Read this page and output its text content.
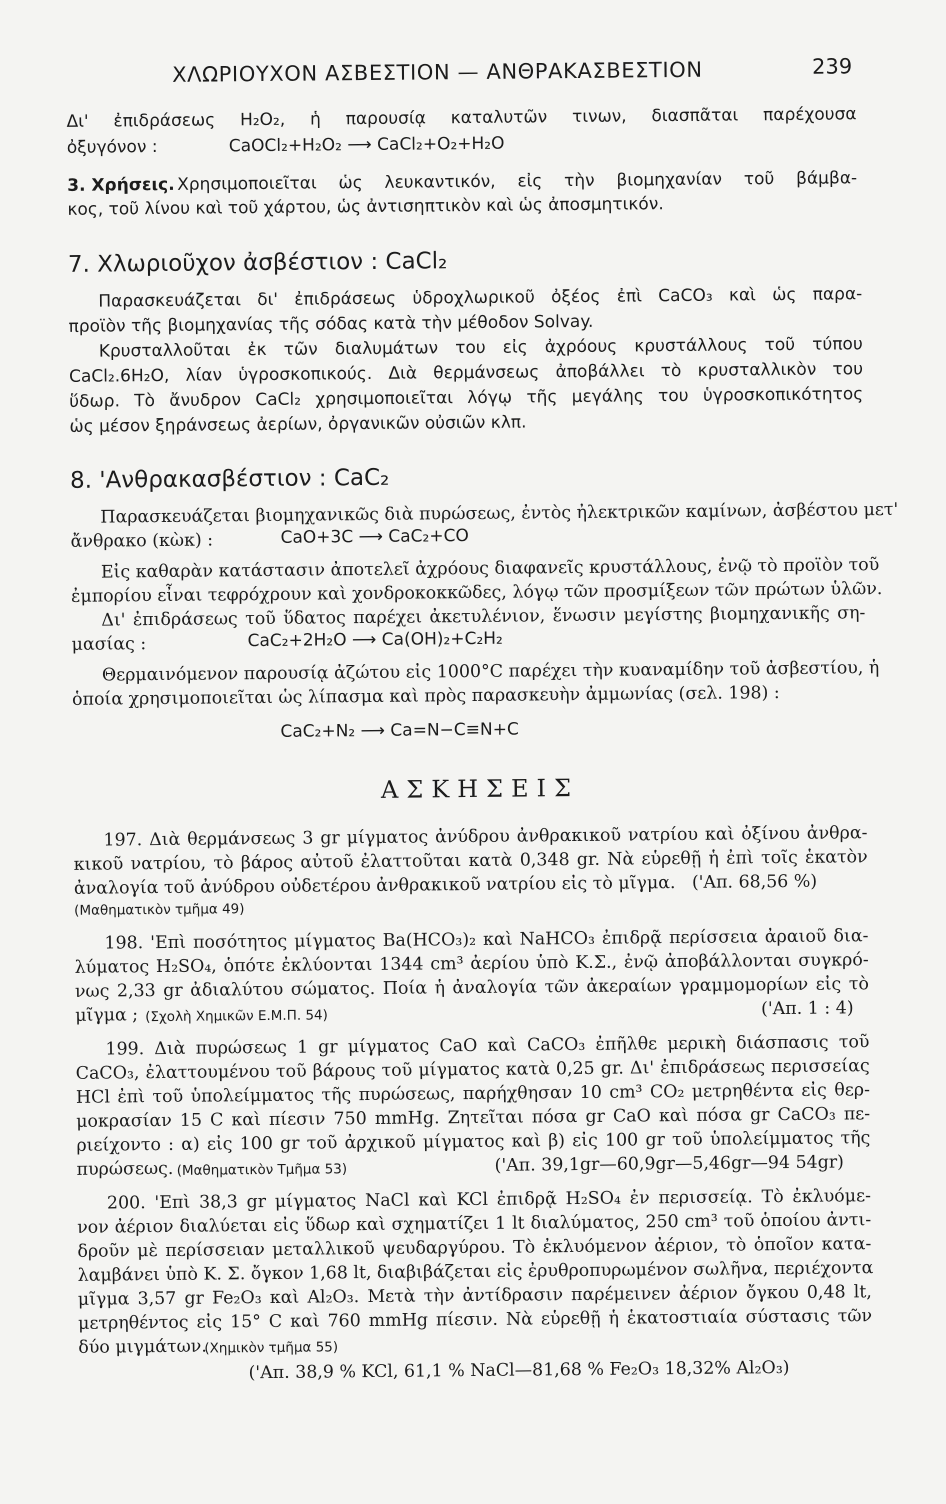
ΧΛΩΡΙΟΥΧΟΝ ΑΣΒΕΣΤΙΟΝ — ΑΝΘΡΑΚΑΣΒΕΣΤΙΟΝ	239
Δι' ἐπιδράσεως H₂O₂, ἡ παρουσίᾳ καταλυτῶν τινων, διασπᾶται παρέχουσα
ὀξυγόνον :	CaOCl₂+H₂O₂ ⟶ CaCl₂+O₂+H₂O
3. Χρήσεις. Χρησιμοποιεῖται ὡς λευκαντικόν, εἰς τὴν βιομηχανίαν τοῦ βάμβα-
κος, τοῦ λίνου καὶ τοῦ χάρτου, ὡς ἀντισηπτικὸν καὶ ὡς ἀποσμητικόν.
7. Χλωριοῦχον ἀσβέστιον : CaCl₂
Παρασκευάζεται δι' ἐπιδράσεως ὑδροχλωρικοῦ ὀξέος ἐπὶ CaCO₃ καὶ ὡς παρα-
προϊὸν τῆς βιομηχανίας τῆς σόδας κατὰ τὴν μέθοδον Solvay.
Κρυσταλλοῦται ἐκ τῶν διαλυμάτων του εἰς ἀχρόους κρυστάλλους τοῦ τύπου
CaCl₂.6H₂O, λίαν ὑγροσκοπικούς. Διὰ θερμάνσεως ἀποβάλλει τὸ κρυσταλλικὸν του
ὕδωρ. Τὸ ἄνυδρον CaCl₂ χρησιμοποιεῖται λόγῳ τῆς μεγάλης του ὑγροσκοπικότητος
ὡς μέσον ξηράνσεως ἀερίων, ὀργανικῶν οὐσιῶν κλπ.
8. 'Ανθρακασβέστιον : CaC₂
Παρασκευάζεται βιομηχανικῶς διὰ πυρώσεως, ἐντὸς ἠλεκτρικῶν καμίνων, ἀσβέστου μετ'
ἄνθρακο (κὼκ) :	CaO+3C ⟶ CaC₂+CO
Εἰς καθαρὰν κατάστασιν ἀποτελεῖ ἀχρόους διαφανεῖς κρυστάλλους, ἐνῷ τὸ προϊὸν τοῦ
ἐμπορίου εἶναι τεφρόχρουν καὶ χονδροκοκκῶδες, λόγῳ τῶν προσμίξεων τῶν πρώτων ὑλῶν.
Δι' ἐπιδράσεως τοῦ ὕδατος παρέχει ἀκετυλένιον, ἕνωσιν μεγίστης βιομηχανικῆς ση-
μασίας :	CaC₂+2H₂O ⟶ Ca(OH)₂+C₂H₂
Θερμαινόμενον παρουσίᾳ ἀζώτου εἰς 1000°C παρέχει τὴν κυαναμίδην τοῦ ἀσβεστίου, ἡ
ὁποία χρησιμοποιεῖται ὡς λίπασμα καὶ πρὸς παρασκευὴν ἀμμωνίας (σελ. 198) :
CaC₂+N₂ ⟶ Ca=N−C≡N+C
ΑΣΚΗΣΕΙΣ
197. Διὰ θερμάνσεως 3 gr μίγματος ἀνύδρου ἀνθρακικοῦ νατρίου καὶ ὀξίνου ἀνθρα-
κικοῦ νατρίου, τὸ βάρος αὐτοῦ ἐλαττοῦται κατὰ 0,348 gr. Νὰ εὑρεθῇ ἡ ἐπὶ τοῖς ἑκατὸν
ἀναλογία τοῦ ἀνύδρου οὐδετέρου ἀνθρακικοῦ νατρίου εἰς τὸ μῖγμα. ('Απ. 68,56 %)
(Μαθηματικὸν τμῆμα 49)
198. 'Επὶ ποσότητος μίγματος Ba(HCO₃)₂ καὶ NaHCO₃ ἐπιδρᾷ περίσσεια ἀραιοῦ δια-
λύματος H₂SO₄, ὁπότε ἐκλύονται 1344 cm³ ἀερίου ὑπὸ Κ.Σ., ἐνῷ ἀποβάλλονται συγκρό-
νως 2,33 gr ἀδιαλύτου σώματος. Ποία ἡ ἀναλογία τῶν ἀκεραίων γραμμομορίων εἰς τὸ
μῖγμα ; (Σχολὴ Χημικῶν Ε.Μ.Π. 54)	('Απ. 1 : 4)
199. Διὰ πυρώσεως 1 gr μίγματος CaO καὶ CaCO₃ ἐπῆλθε μερικὴ διάσπασις τοῦ
CaCO₃, ἐλαττουμένου τοῦ βάρους τοῦ μίγματος κατὰ 0,25 gr. Δι' ἐπιδράσεως περισσείας
HCl ἐπὶ τοῦ ὑπολείμματος τῆς πυρώσεως, παρήχθησαν 10 cm³ CO₂ μετρηθέντα εἰς θερ-
μοκρασίαν 15 C καὶ πίεσιν 750 mmHg. Ζητεῖται πόσα gr CaO καὶ πόσα gr CaCO₃ πε-
ριείχοντο : α) εἰς 100 gr τοῦ ἀρχικοῦ μίγματος καὶ β) εἰς 100 gr τοῦ ὑπολείμματος τῆς
πυρώσεως. (Μαθηματικὸν Τμῆμα 53)	('Απ. 39,1gr—60,9gr—5,46gr—94 54gr)
200. 'Επὶ 38,3 gr μίγματος NaCl καὶ KCl ἐπιδρᾷ H₂SO₄ ἐν περισσείᾳ. Τὸ ἐκλυόμε-
νον ἀέριον διαλύεται εἰς ὕδωρ καὶ σχηματίζει 1 lt διαλύματος, 250 cm³ τοῦ ὁποίου ἀντι-
δροῦν μὲ περίσσειαν μεταλλικοῦ ψευδαργύρου. Τὸ ἐκλυόμενον ἀέριον, τὸ ὁποῖον κατα-
λαμβάνει ὑπὸ Κ. Σ. ὄγκον 1,68 lt, διαβιβάζεται εἰς ἐρυθροπυρωμένον σωλῆνα, περιέχοντα
μῖγμα 3,57 gr Fe₂O₃ καὶ Al₂O₃. Μετὰ τὴν ἀντίδρασιν παρέμεινεν ἀέριον ὄγκου 0,48 lt,
μετρηθέντος εἰς 15° C καὶ 760 mmHg πίεσιν. Νὰ εὑρεθῇ ἡ ἑκατοστιαία σύστασις τῶν
δύο μιγμάτων.
(Χημικὸν τμῆμα 55)
('Απ. 38,9 % KCl, 61,1 % NaCl—81,68 % Fe₂O₃ 18,32% Al₂O₃)
